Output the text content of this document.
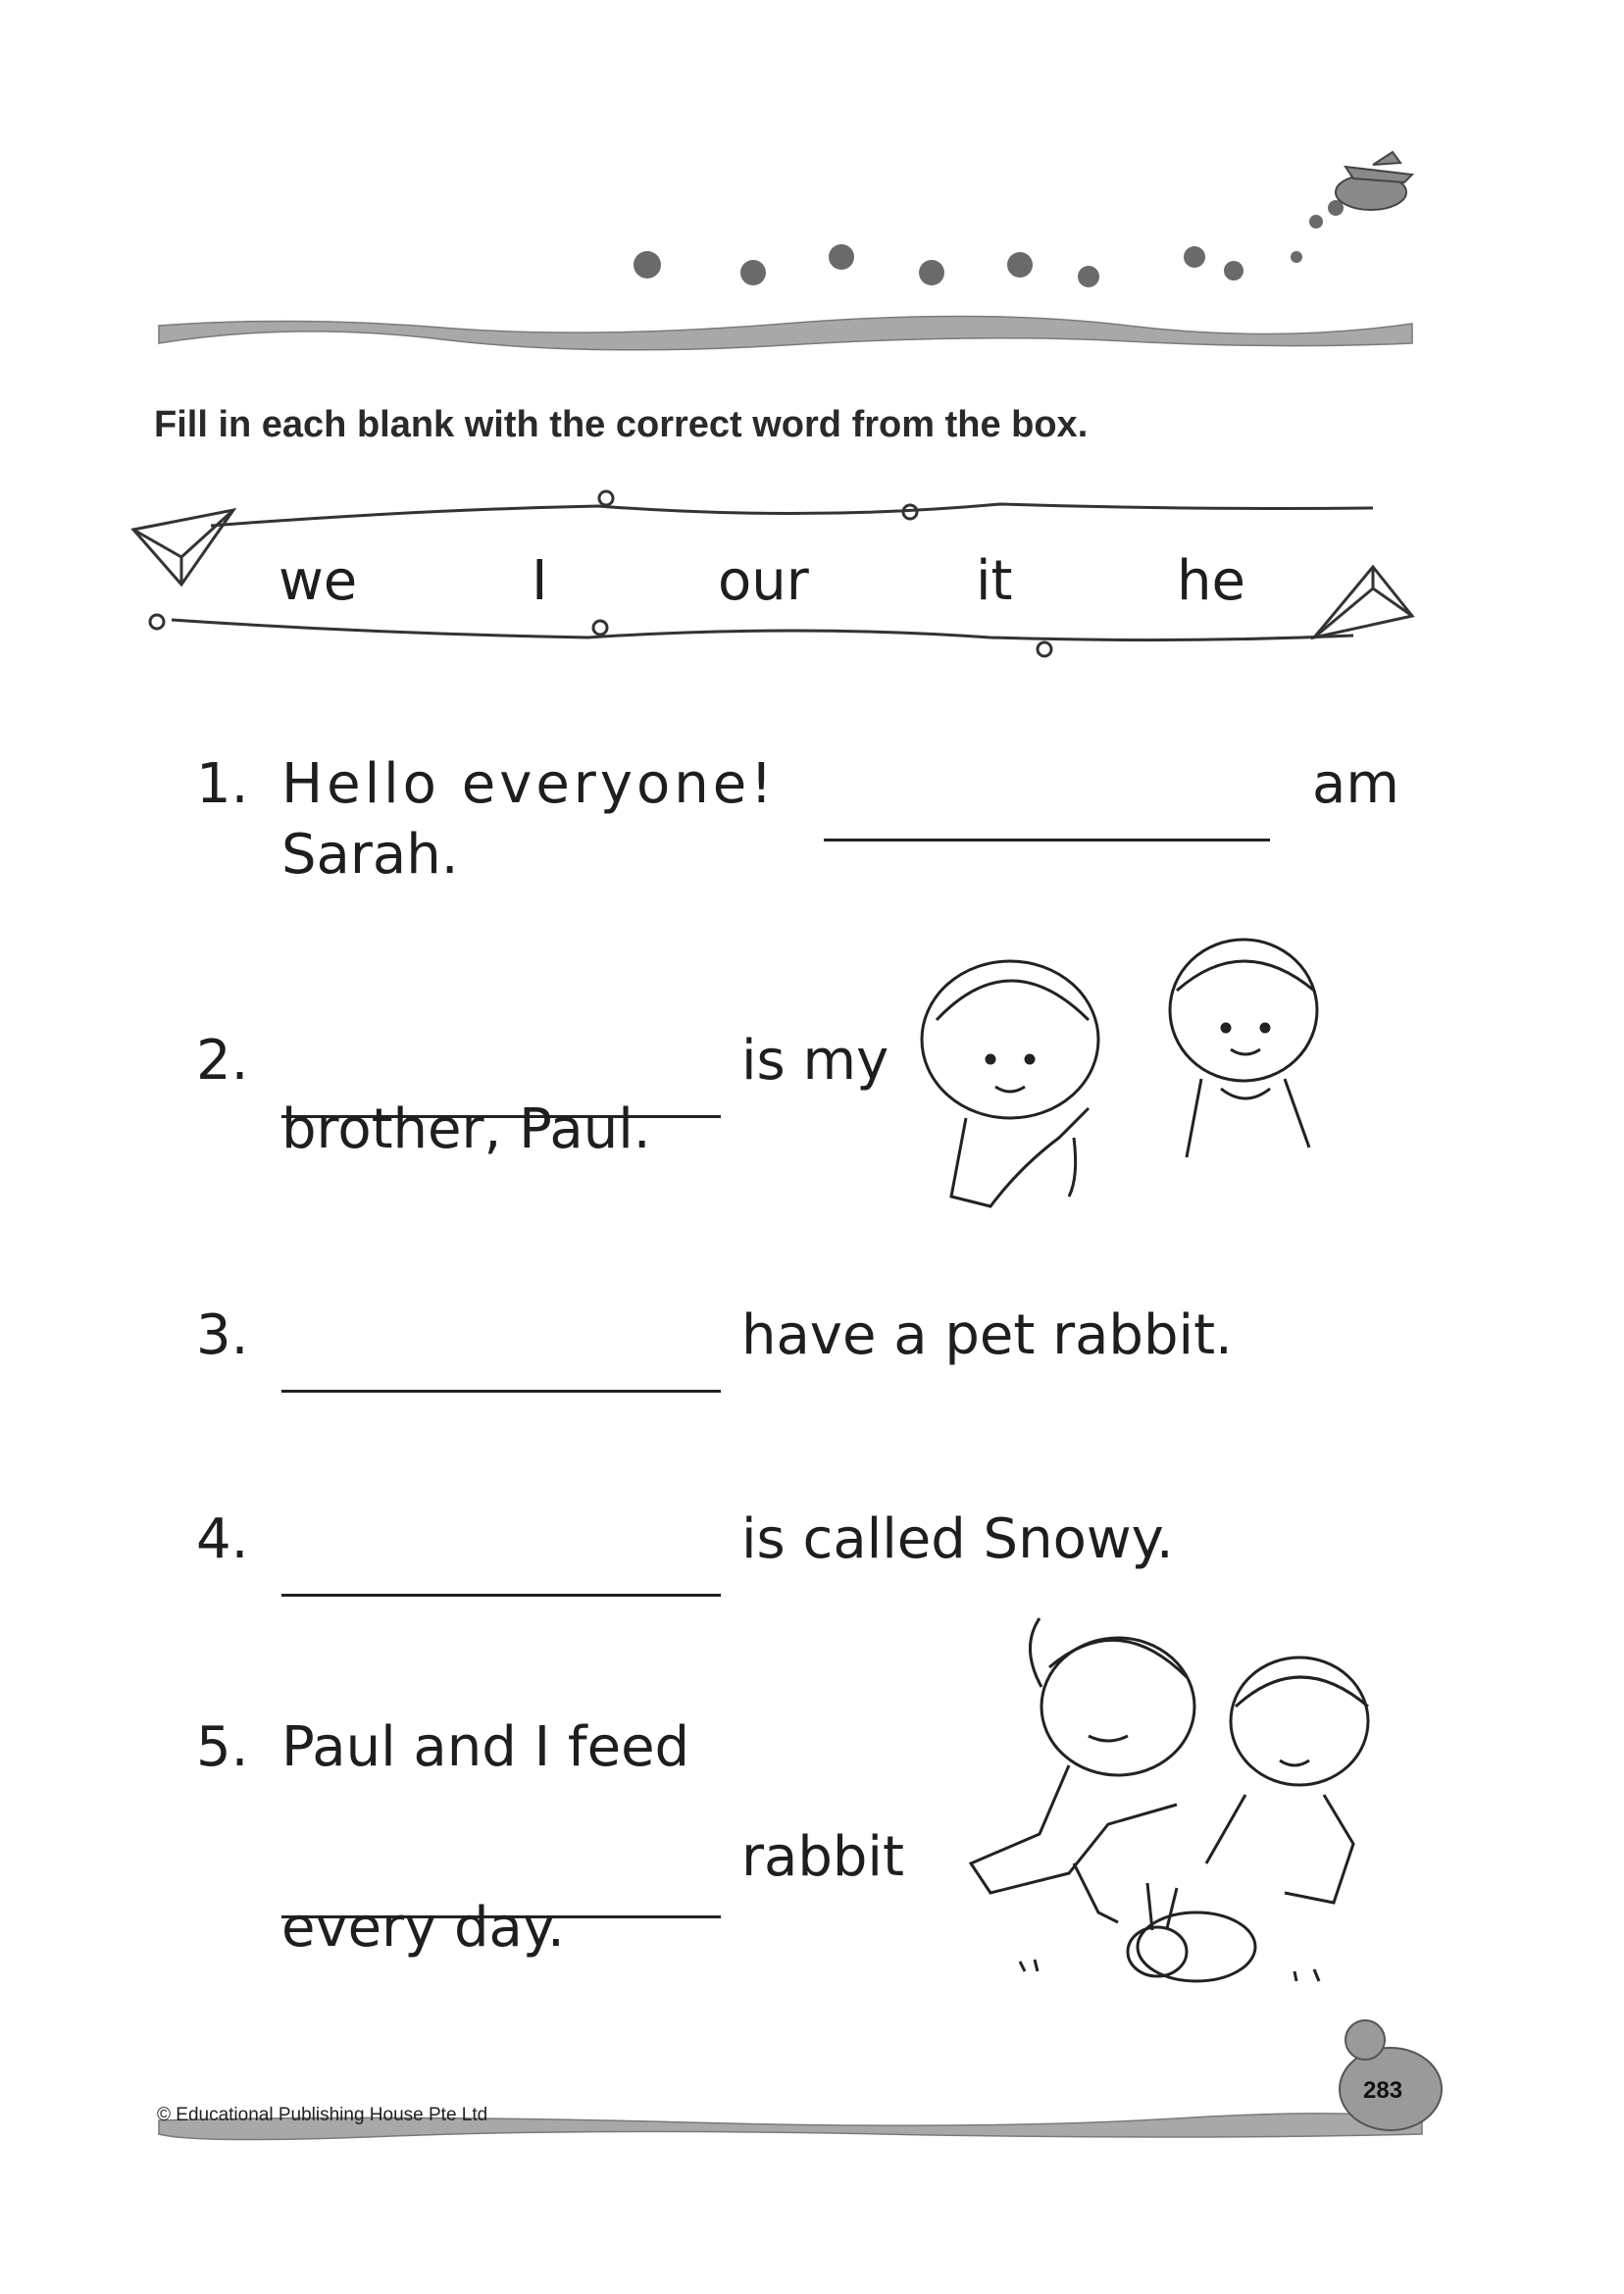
Fill in each blank with the correct word from the box.
we	I	our	it	he
1. Hello everyone!	am
Sarah.
2.	is my
brother, Paul.
3.	have a pet rabbit.
4.	is called Snowy.
5. Paul and I feed
rabbit
every day.
© Educational Publishing House Pte Ltd
283
